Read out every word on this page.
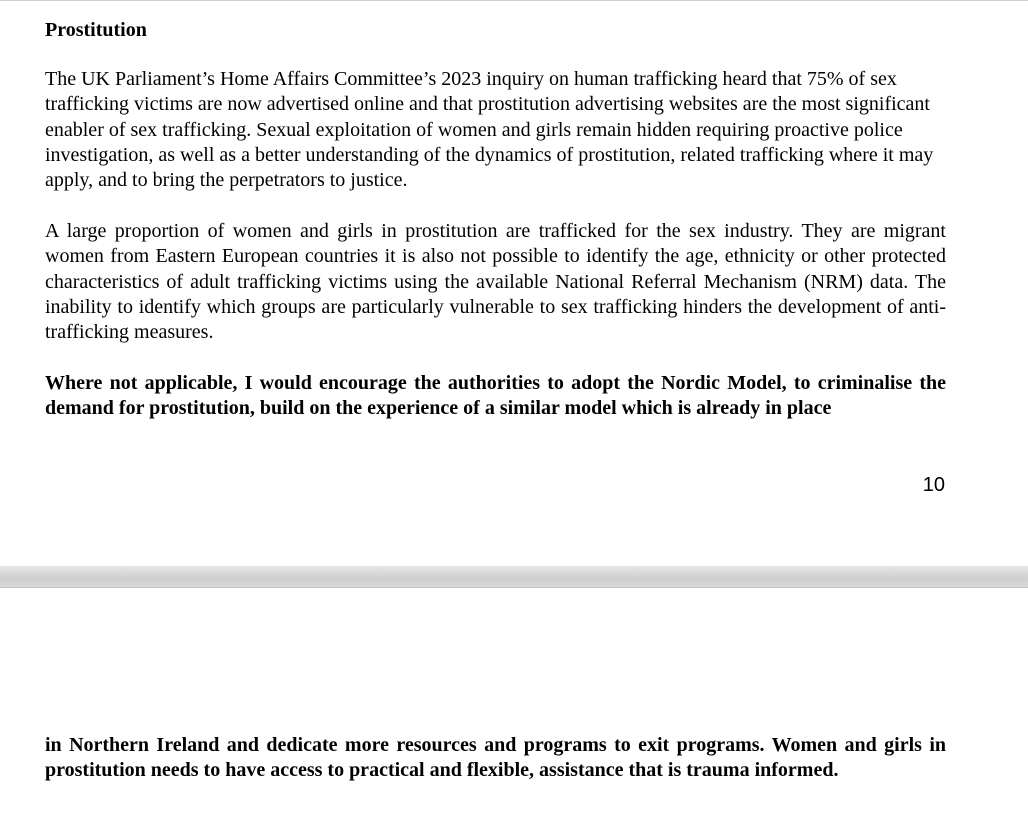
Prostitution

The UK Parliament’s Home Affairs Committee’s 2023 inquiry on human trafficking heard that 75% of sex trafficking victims are now advertised online and that prostitution advertising websites are the most significant enabler of sex trafficking. Sexual exploitation of women and girls remain hidden requiring proactive police investigation, as well as a better understanding of the dynamics of prostitution, related trafficking where it may apply, and to bring the perpetrators to justice.

A large proportion of women and girls in prostitution are trafficked for the sex industry. They are migrant women from Eastern European countries it is also not possible to identify the age, ethnicity or other protected characteristics of adult trafficking victims using the available National Referral Mechanism (NRM) data. The inability to identify which groups are particularly vulnerable to sex trafficking hinders the development of anti-trafficking measures.

Where not applicable, I would encourage the authorities to adopt the Nordic Model, to criminalise the demand for prostitution, build on the experience of a similar model which is already in place

10

in Northern Ireland and dedicate more resources and programs to exit programs. Women and girls in prostitution needs to have access to practical and flexible, assistance that is trauma informed.
